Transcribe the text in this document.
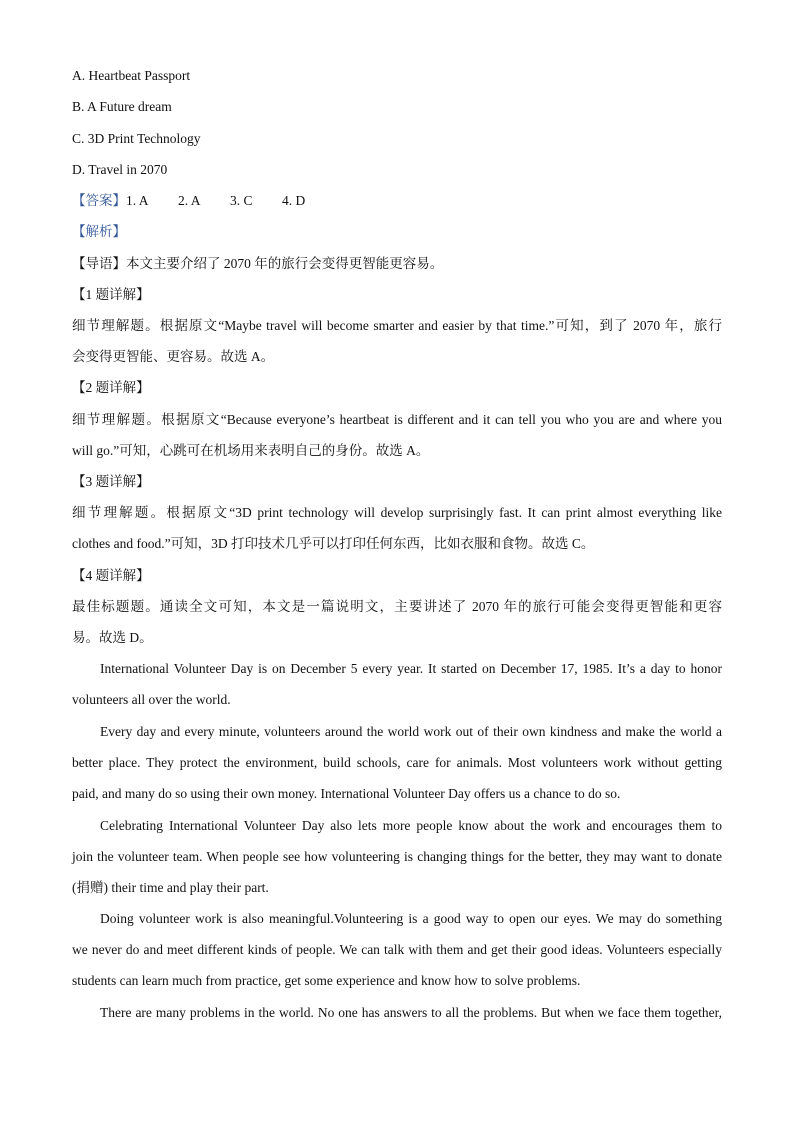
A. Heartbeat Passport
B. A Future dream
C. 3D Print Technology
D. Travel in 2070
【答案】1. A 2. A 3. C 4. D
【解析】
【导语】本文主要介绍了 2070 年的旅行会变得更智能更容易。
【1 题详解】
细节理解题。根据原文“Maybe travel will become smarter and easier by that time.”可知，到了 2070 年，旅行
会变得更智能、更容易。故选 A。
【2 题详解】
细节理解题。根据原文“Because everyone’s heartbeat is different and it can tell you who you are and where you
will go.”可知，心跳可在机场用来表明自己的身份。故选 A。
【3 题详解】
细节理解题。根据原文“3D print technology will develop surprisingly fast. It can print almost everything like
clothes and food.”可知，3D 打印技术几乎可以打印任何东西，比如衣服和食物。故选 C。
【4 题详解】
最佳标题题。通读全文可知，本文是一篇说明文，主要讲述了 2070 年的旅行可能会变得更智能和更容
易。故选 D。
International Volunteer Day is on December 5 every year. It started on December 17, 1985. It’s a day to honor
volunteers all over the world.
Every day and every minute, volunteers around the world work out of their own kindness and make the world a
better place. They protect the environment, build schools, care for animals. Most volunteers work without getting
paid, and many do so using their own money. International Volunteer Day offers us a chance to do so.
Celebrating International Volunteer Day also lets more people know about the work and encourages them to
join the volunteer team. When people see how volunteering is changing things for the better, they may want to donate
(捐赠) their time and play their part.
Doing volunteer work is also meaningful.Volunteering is a good way to open our eyes. We may do something
we never do and meet different kinds of people. We can talk with them and get their good ideas. Volunteers especially
students can learn much from practice, get some experience and know how to solve problems.
There are many problems in the world. No one has answers to all the problems. But when we face them together,
